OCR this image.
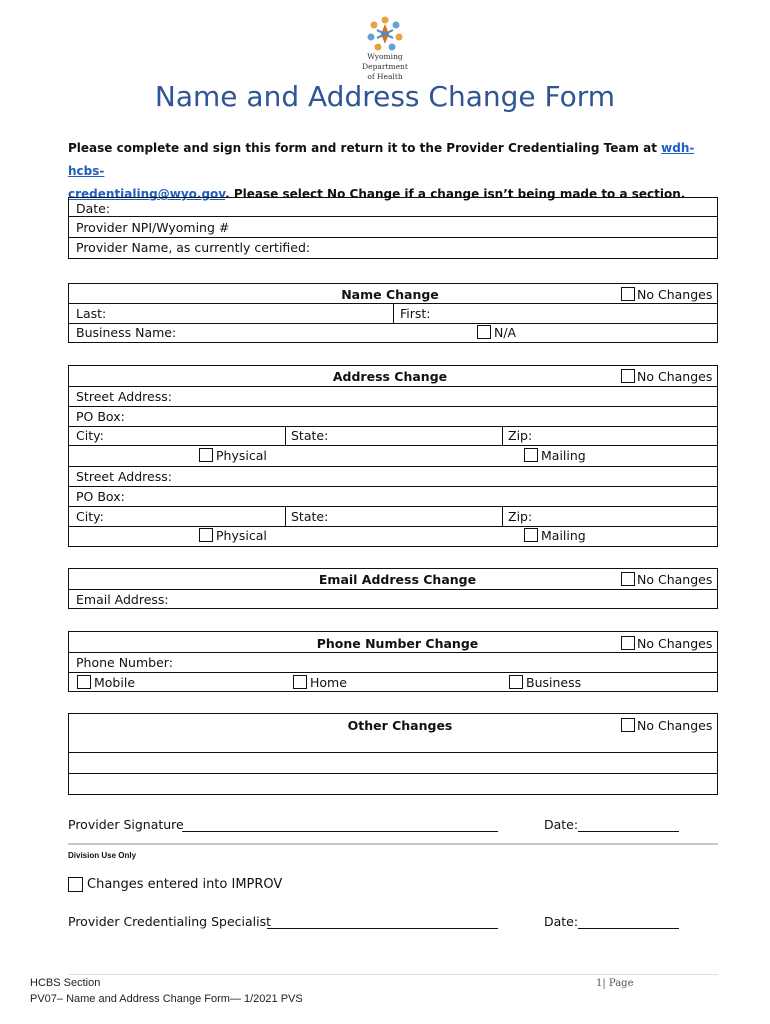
Wyoming
Department
of Health
Name and Address Change Form
Please complete and sign this form and return it to the Provider Credentialing Team at wdh-hcbs-
credentialing@wyo.gov. Please select No Change if a change isn’t being made to a section.
Date:
Provider NPI/Wyoming #
Provider Name, as currently certified:
Name Change	No Changes
Last:	First:
Business Name:	N/A
Address Change	No Changes
Street Address:
PO Box:
City:	State:	Zip:
Physical	Mailing
Street Address:
PO Box:
City:	State:	Zip:
Physical	Mailing
Email Address Change	No Changes
Email Address:
Phone Number Change	No Changes
Phone Number:
Mobile	Home	Business
Other Changes	No Changes
Provider Signature	Date:
Division Use Only
Changes entered into IMPROV
Provider Credentialing Specialist	Date:
HCBS Section
PV07– Name and Address Change Form— 1/2021 PVS
1| Page
